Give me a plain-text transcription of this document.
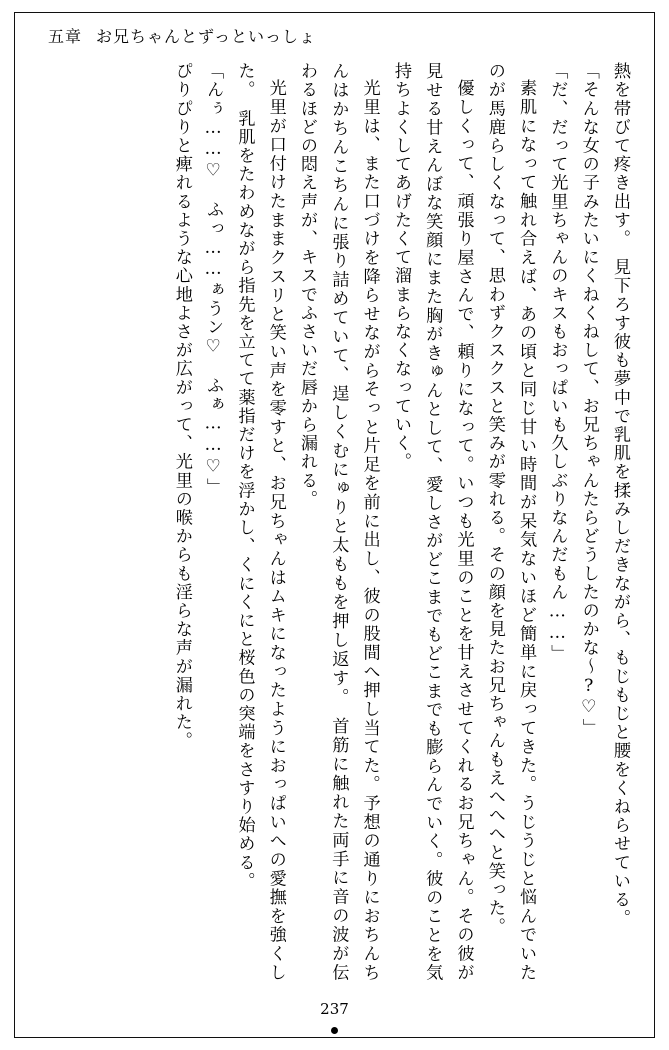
五章 お兄ちゃんとずっといっしょ

熱を帯びて疼き出す。　見下ろす彼も夢中で乳肌を揉みしだきながら、もじもじと腰をくねらせている。

「そんな女の子みたいにくねくねして、お兄ちゃんたらどうしたのかな～?♡」

「だ、だって光里ちゃんのキスもおっぱいも久しぶりなんだもん……」

素肌になって触れ合えば、あの頃と同じ甘い時間が呆気ないほど簡単に戻ってきた。うじうじと悩んでいたのが馬鹿らしくなって、思わずクスクスと笑みが零れる。その顔を見たお兄ちゃんもえへへへと笑った。

優しくって、頑張り屋さんで、頼りになって。いつも光里のことを甘えさせてくれるお兄ちゃん。その彼が見せる甘えんぼな笑顔にまた胸がきゅんとして、愛しさがどこまでもどこまでも膨らんでいく。彼のことを気持ちよくしてあげたくて溜まらなくなっていく。

光里は、また口づけを降らせながらそっと片足を前に出し、彼の股間へ押し当てた。予想の通りにおちんちんはかちんこちんに張り詰めていて、逞しくむにゅりと太ももを押し返す。　首筋に触れた両手に音の波が伝わるほどの悶え声が、キスでふさいだ唇から漏れる。

光里が口付けたままクスリと笑い声を零すと、お兄ちゃんはムキになったようにおっぱいへの愛撫を強くした。　乳肌をたわめながら指先を立てて薬指だけを浮かし、くにくにと桜色の突端をさすり始める。

「んぅ……♡　ふっ……ぁうン♡　ふぁ……♡」

ぴりぴりと痺れるような心地よさが広がって、光里の喉からも淫らな声が漏れた。

237
